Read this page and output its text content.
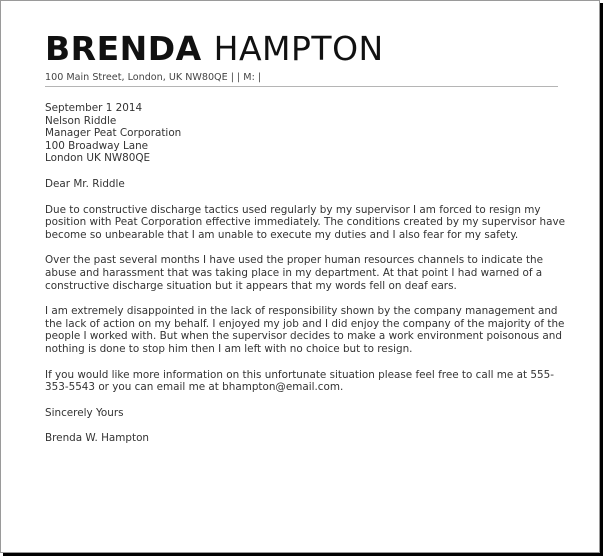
BRENDA HAMPTON
100 Main Street, London, UK NW80QE | | M: |
September 1 2014
Nelson Riddle
Manager Peat Corporation
100 Broadway Lane
London UK NW80QE
Dear Mr. Riddle
Due to constructive discharge tactics used regularly by my supervisor I am forced to resign my position with Peat Corporation effective immediately. The conditions created by my supervisor have become so unbearable that I am unable to execute my duties and I also fear for my safety.
Over the past several months I have used the proper human resources channels to indicate the abuse and harassment that was taking place in my department. At that point I had warned of a constructive discharge situation but it appears that my words fell on deaf ears.
I am extremely disappointed in the lack of responsibility shown by the company management and the lack of action on my behalf. I enjoyed my job and I did enjoy the company of the majority of the people I worked with. But when the supervisor decides to make a work environment poisonous and nothing is done to stop him then I am left with no choice but to resign.
If you would like more information on this unfortunate situation please feel free to call me at 555-353-5543 or you can email me at bhampton@email.com.
Sincerely Yours
Brenda W. Hampton
